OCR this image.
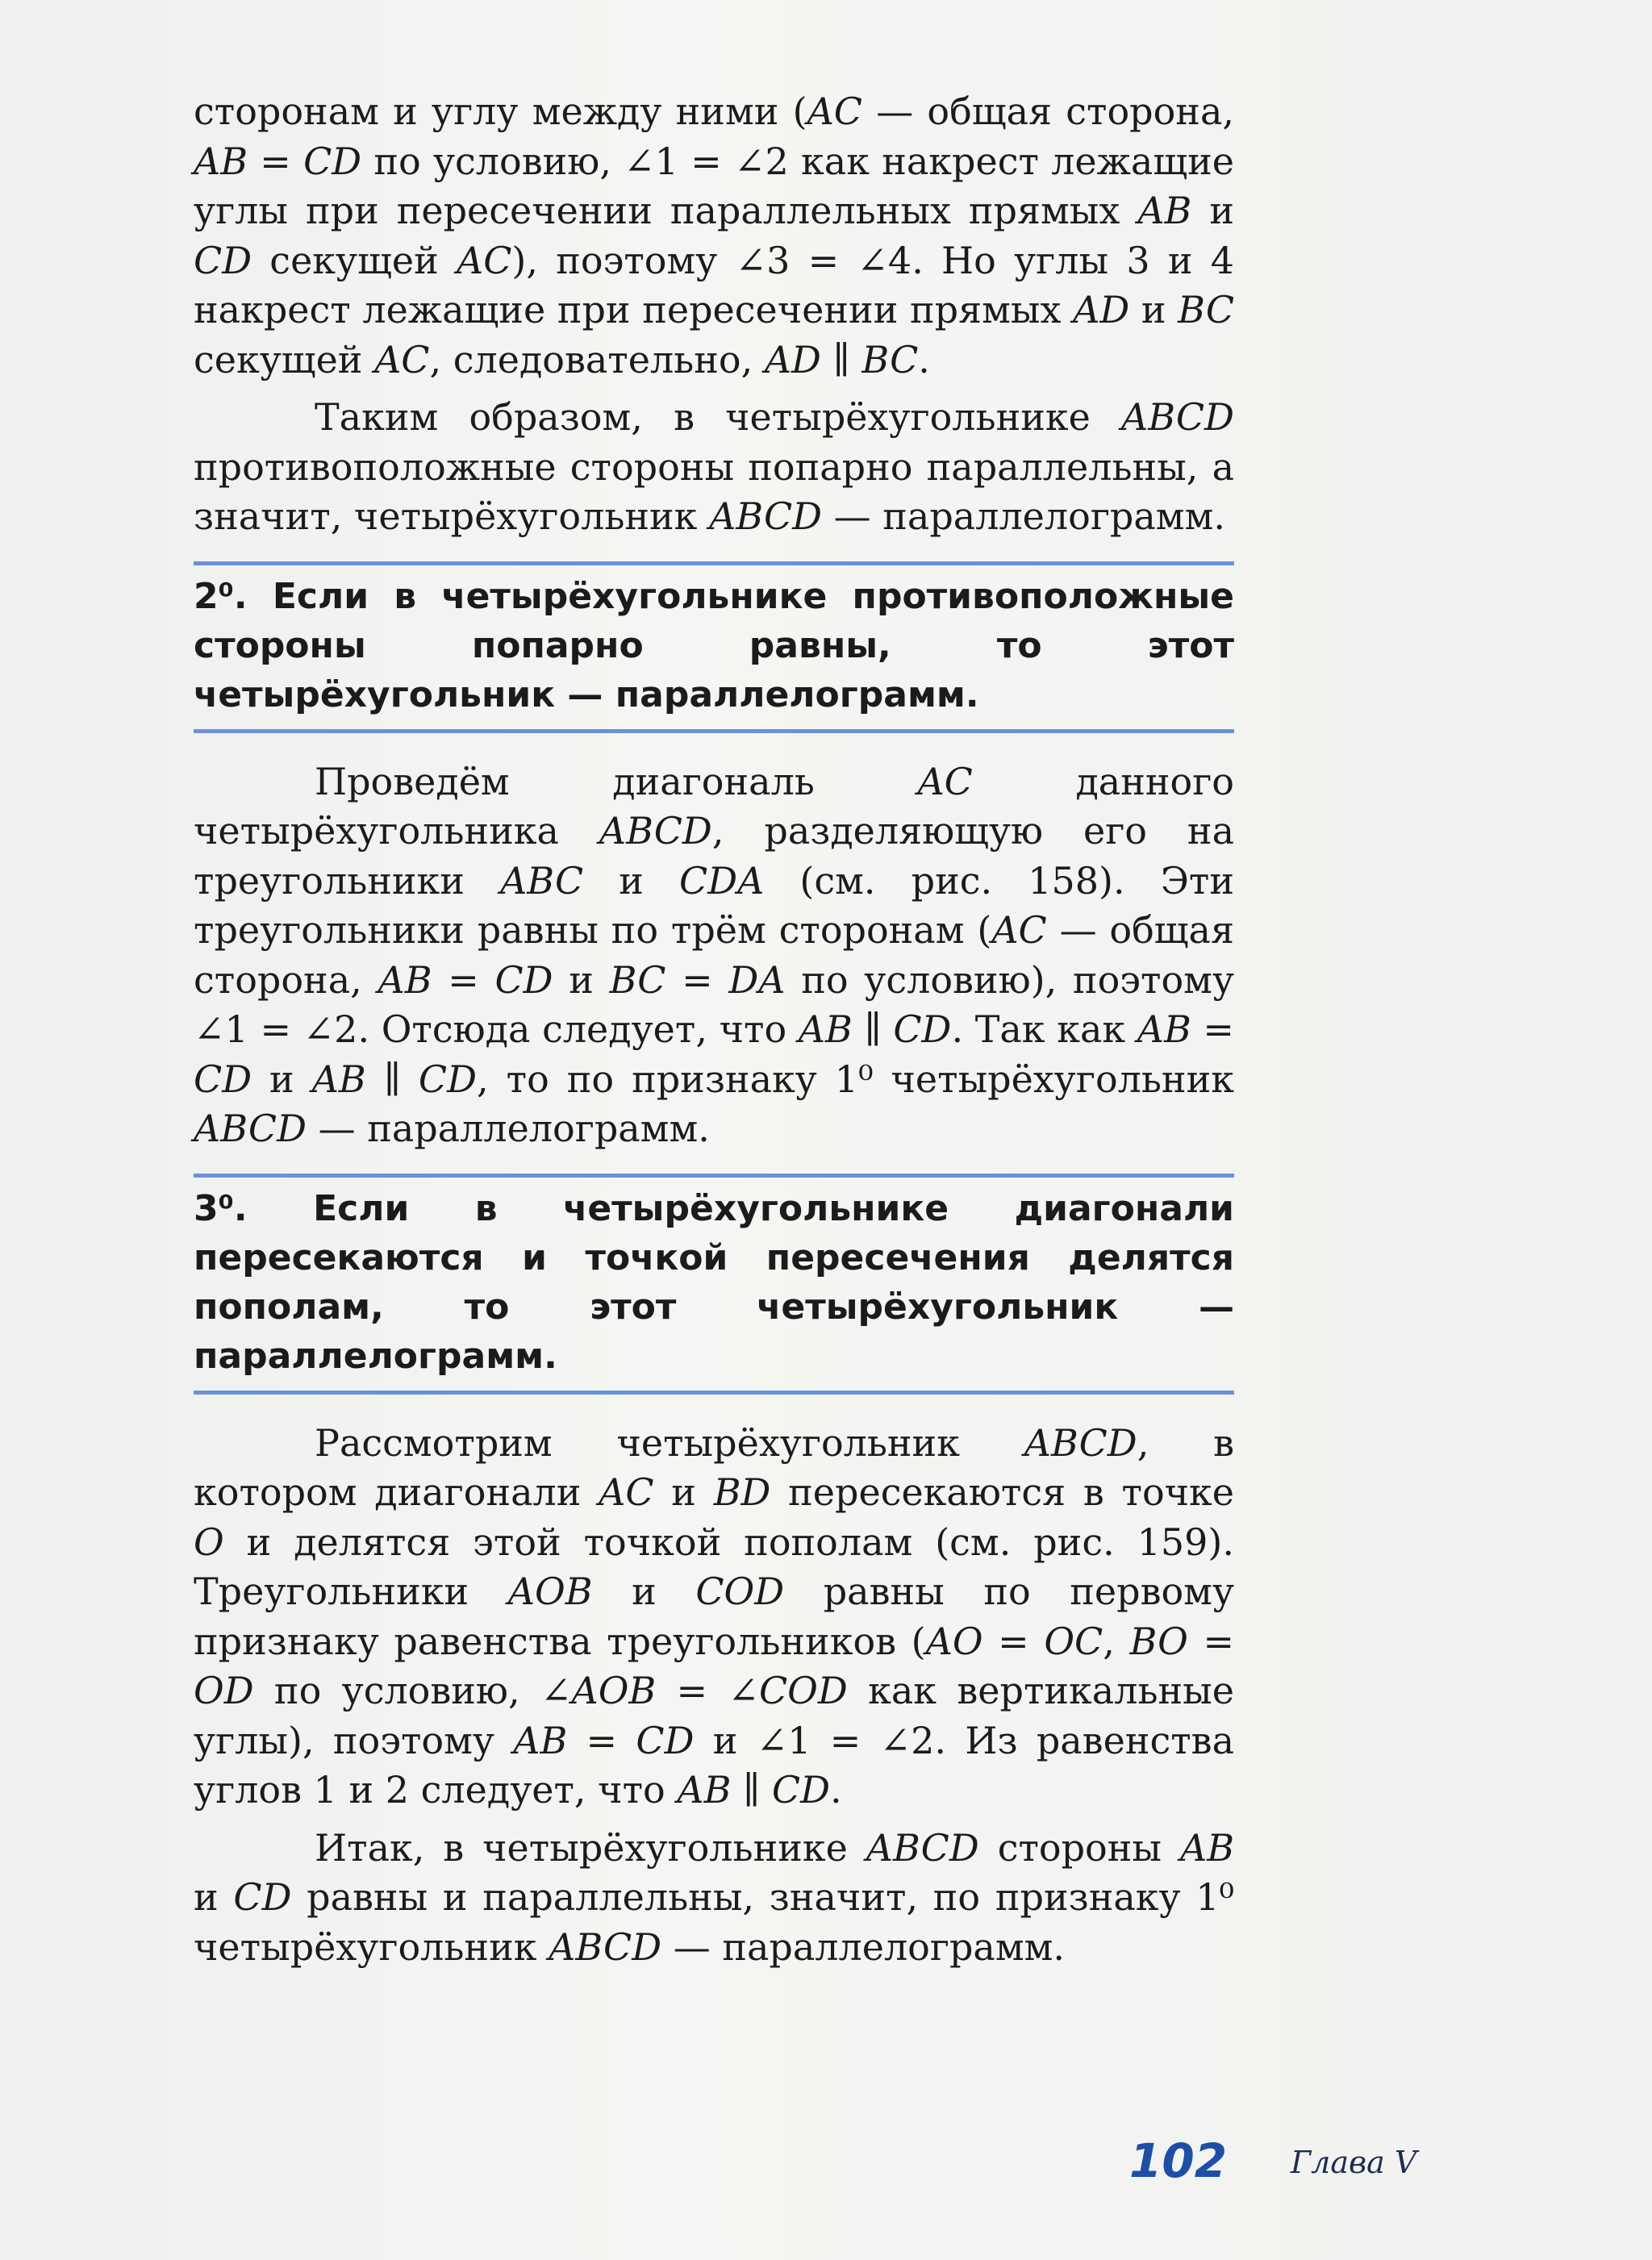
сторонам и углу между ними (AC — общая сторона, AB = CD по условию, ∠1 = ∠2 как накрест лежащие углы при пересечении параллельных прямых AB и CD секущей AC), поэтому ∠3 = ∠4. Но углы 3 и 4 накрест лежащие при пересечении прямых AD и BC секущей AC, следовательно, AD ∥ BC.

Таким образом, в четырёхугольнике ABCD противоположные стороны попарно параллельны, а значит, четырёхугольник ABCD — параллелограмм.

2⁰. Если в четырёхугольнике противоположные стороны попарно равны, то этот четырёхугольник — параллелограмм.

Проведём диагональ AC данного четырёхугольника ABCD, разделяющую его на треугольники ABC и CDA (см. рис. 158). Эти треугольники равны по трём сторонам (AC — общая сторона, AB = CD и BC = DA по условию), поэтому ∠1 = ∠2. Отсюда следует, что AB ∥ CD. Так как AB = CD и AB ∥ CD, то по признаку 1⁰ четырёхугольник ABCD — параллелограмм.

3⁰. Если в четырёхугольнике диагонали пересекаются и точкой пересечения делятся пополам, то этот четырёхугольник — параллелограмм.

Рассмотрим четырёхугольник ABCD, в котором диагонали AC и BD пересекаются в точке O и делятся этой точкой пополам (см. рис. 159). Треугольники AOB и COD равны по первому признаку равенства треугольников (AO = OC, BO = OD по условию, ∠AOB = ∠COD как вертикальные углы), поэтому AB = CD и ∠1 = ∠2. Из равенства углов 1 и 2 следует, что AB ∥ CD.

Итак, в четырёхугольнике ABCD стороны AB и CD равны и параллельны, значит, по признаку 1⁰ четырёхугольник ABCD — параллелограмм.

102 Глава V
